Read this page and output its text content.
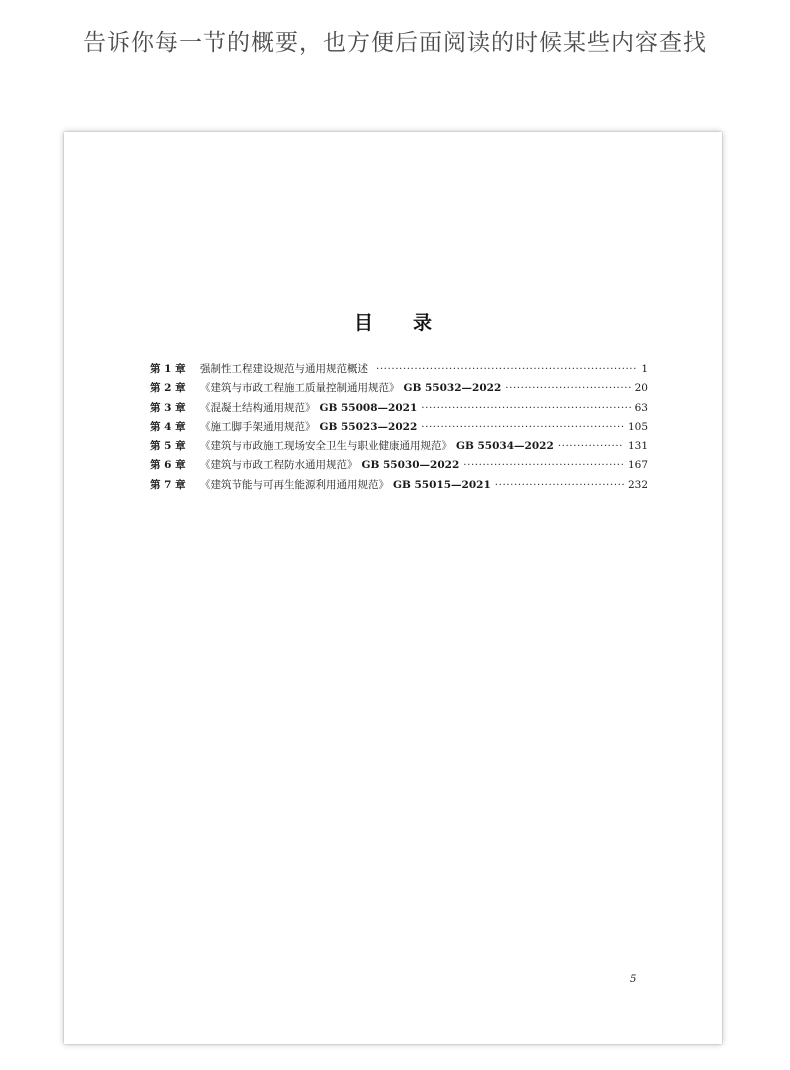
告诉你每一节的概要，也方便后面阅读的时候某些内容查找
目 录
第 1 章	强制性工程建设规范与通用规范概述 ·····	1
第 2 章	《建筑与市政工程施工质量控制通用规范》 GB 55032—2022 ·····	20
第 3 章	《混凝土结构通用规范》 GB 55008—2021 ·····	63
第 4 章	《施工脚手架通用规范》 GB 55023—2022 ·····	105
第 5 章	《建筑与市政施工现场安全卫生与职业健康通用规范》 GB 55034—2022 ·····	131
第 6 章	《建筑与市政工程防水通用规范》 GB 55030—2022 ·····	167
第 7 章	《建筑节能与可再生能源利用通用规范》 GB 55015—2021 ·····	232
5
